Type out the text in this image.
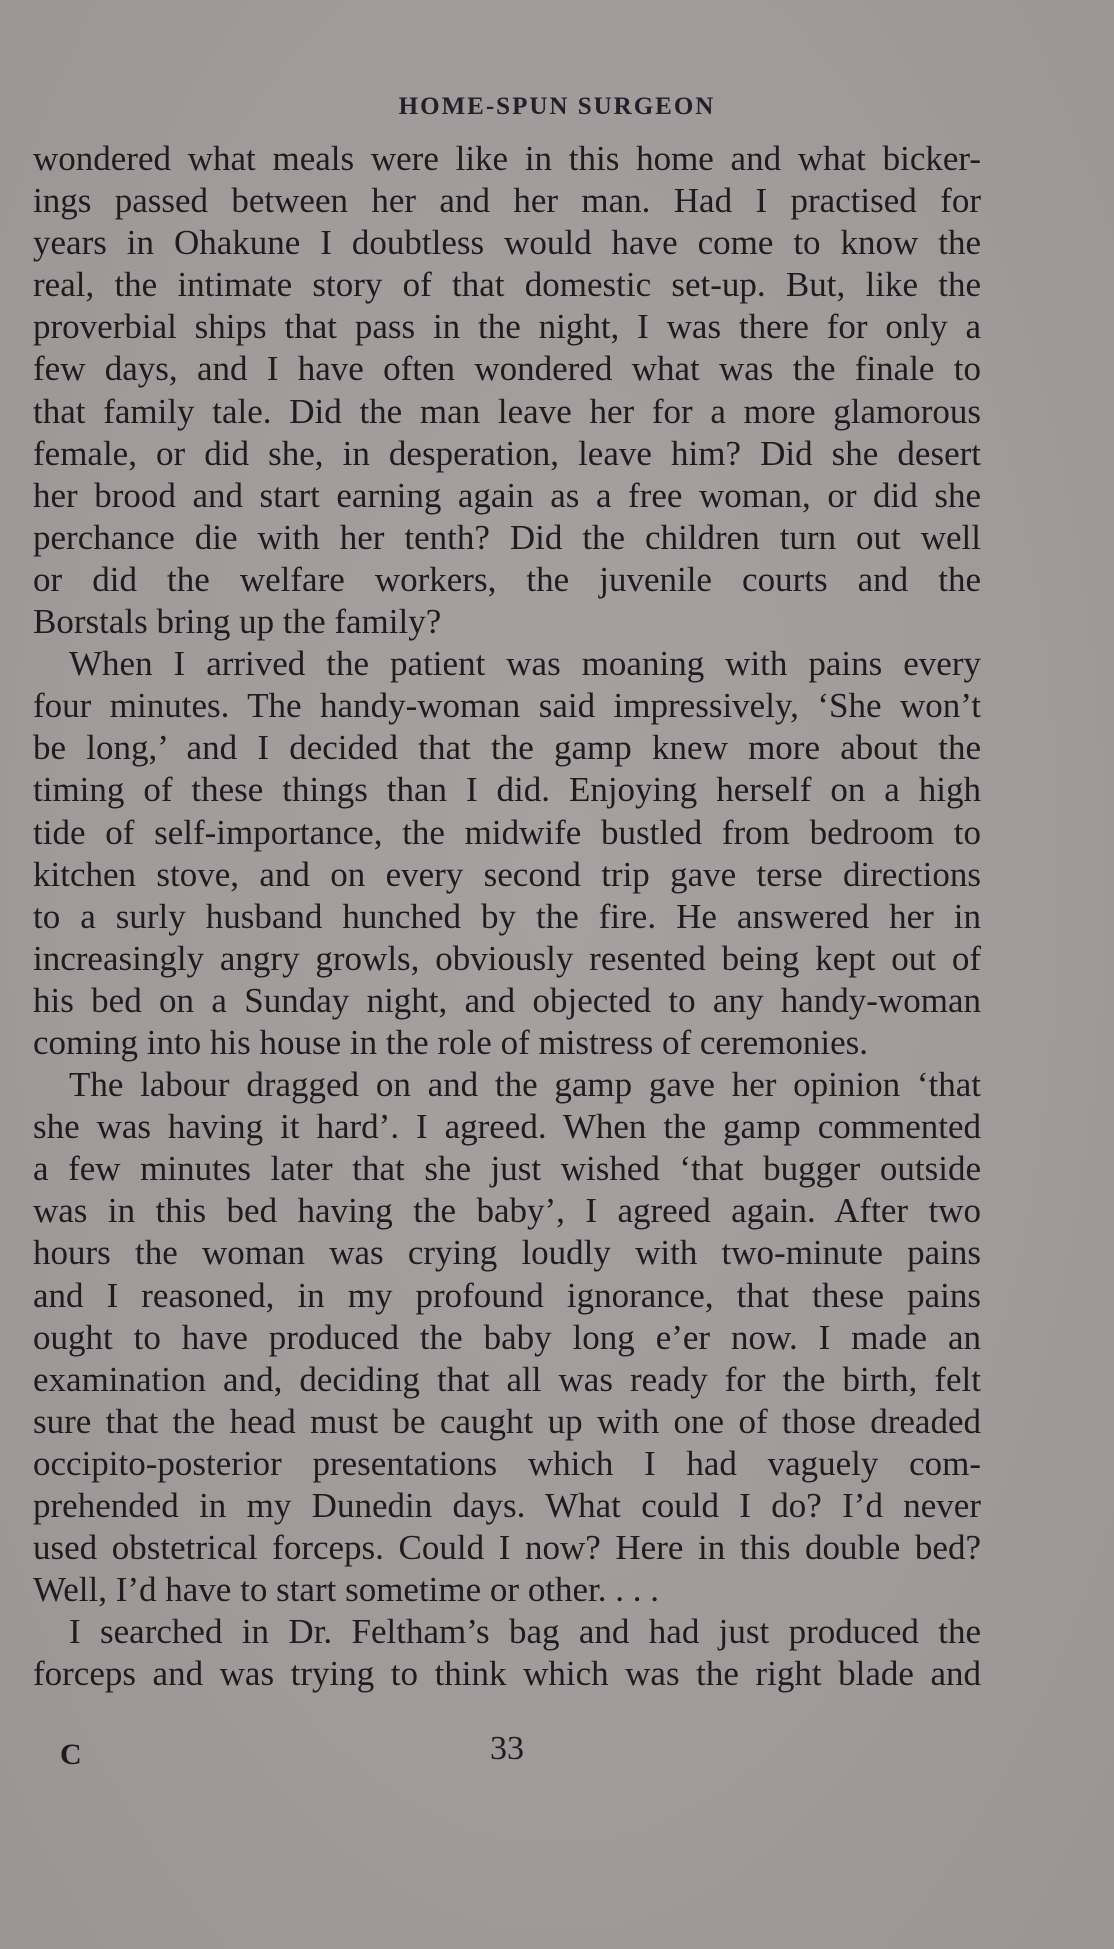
HOME-SPUN SURGEON
wondered what meals were like in this home and what bicker-
ings passed between her and her man. Had I practised for
years in Ohakune I doubtless would have come to know the
real, the intimate story of that domestic set-up. But, like the
proverbial ships that pass in the night, I was there for only a
few days, and I have often wondered what was the finale to
that family tale. Did the man leave her for a more glamorous
female, or did she, in desperation, leave him? Did she desert
her brood and start earning again as a free woman, or did she
perchance die with her tenth? Did the children turn out well
or did the welfare workers, the juvenile courts and the
Borstals bring up the family?
When I arrived the patient was moaning with pains every
four minutes. The handy-woman said impressively, ‘She won’t
be long,’ and I decided that the gamp knew more about the
timing of these things than I did. Enjoying herself on a high
tide of self-importance, the midwife bustled from bedroom to
kitchen stove, and on every second trip gave terse directions
to a surly husband hunched by the fire. He answered her in
increasingly angry growls, obviously resented being kept out of
his bed on a Sunday night, and objected to any handy-woman
coming into his house in the role of mistress of ceremonies.
The labour dragged on and the gamp gave her opinion ‘that
she was having it hard’. I agreed. When the gamp commented
a few minutes later that she just wished ‘that bugger outside
was in this bed having the baby’, I agreed again. After two
hours the woman was crying loudly with two-minute pains
and I reasoned, in my profound ignorance, that these pains
ought to have produced the baby long e’er now. I made an
examination and, deciding that all was ready for the birth, felt
sure that the head must be caught up with one of those dreaded
occipito-posterior presentations which I had vaguely com-
prehended in my Dunedin days. What could I do? I’d never
used obstetrical forceps. Could I now? Here in this double bed?
Well, I’d have to start sometime or other. . . .
I searched in Dr. Feltham’s bag and had just produced the
forceps and was trying to think which was the right blade and
C	33
